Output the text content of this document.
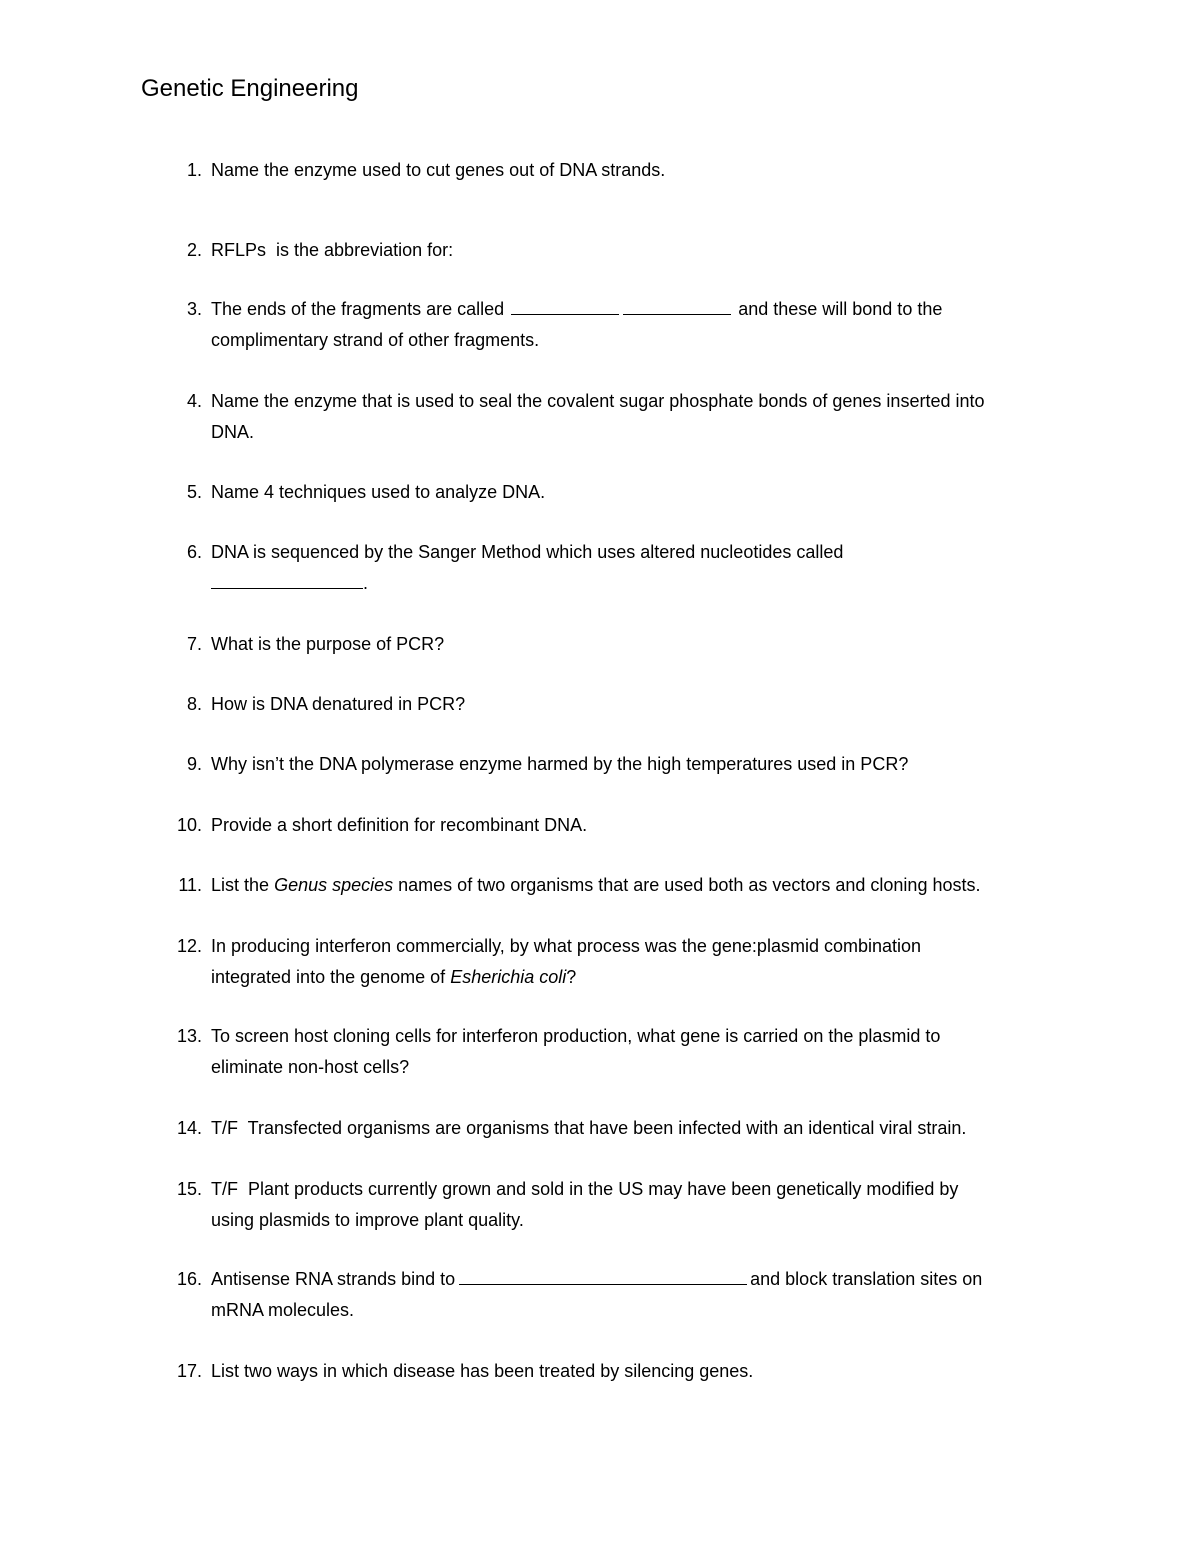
Genetic Engineering
1. Name the enzyme used to cut genes out of DNA strands.
2. RFLPs  is the abbreviation for:
3. The ends of the fragments are called	and these will bond to the
complimentary strand of other fragments.
4. Name the enzyme that is used to seal the covalent sugar phosphate bonds of genes inserted into
DNA.
5. Name 4 techniques used to analyze DNA.
6. DNA is sequenced by the Sanger Method which uses altered nucleotides called
.
7. What is the purpose of PCR?
8. How is DNA denatured in PCR?
9. Why isn’t the DNA polymerase enzyme harmed by the high temperatures used in PCR?
10. Provide a short definition for recombinant DNA.
11. List the Genus species names of two organisms that are used both as vectors and cloning hosts.
12. In producing interferon commercially, by what process was the gene:plasmid combination
integrated into the genome of Esherichia coli?
13. To screen host cloning cells for interferon production, what gene is carried on the plasmid to
eliminate non-host cells?
14. T/F  Transfected organisms are organisms that have been infected with an identical viral strain.
15. T/F  Plant products currently grown and sold in the US may have been genetically modified by
using plasmids to improve plant quality.
16. Antisense RNA strands bind to	and block translation sites on
mRNA molecules.
17. List two ways in which disease has been treated by silencing genes.
